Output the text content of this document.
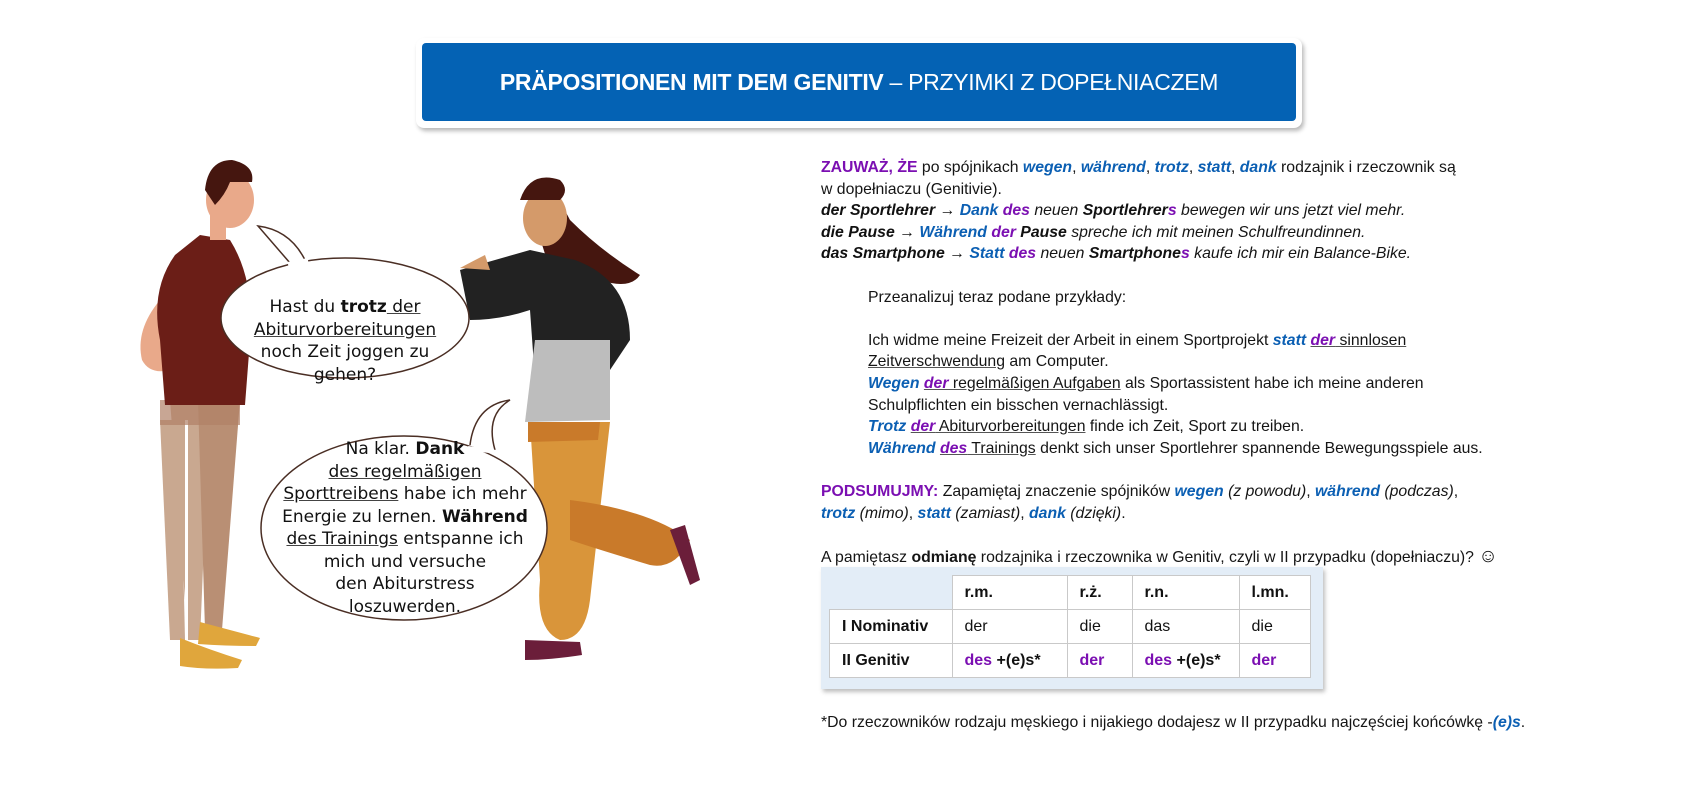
PRÄPOSITIONEN MIT DEM GENITIV – PRZYIMKI Z DOPEŁNIACZEM
Hast du trotz der
Abiturvorbereitungen
noch Zeit joggen zu
gehen?
Na klar. Dank
des regelmäßigen
Sporttreibens habe ich mehr
Energie zu lernen. Während
des Trainings entspanne ich
mich und versuche
den Abiturstress
loszuwerden.
ZAUWAŻ, ŻE po spójnikach wegen, während, trotz, statt, dank rodzajnik i rzeczownik są
w dopełniaczu (Genitivie).
der Sportlehrer → Dank des neuen Sportlehrers bewegen wir uns jetzt viel mehr.
die Pause → Während der Pause spreche ich mit meinen Schulfreundinnen.
das Smartphone → Statt des neuen Smartphones kaufe ich mir ein Balance-Bike.
Przeanalizuj teraz podane przykłady:
Ich widme meine Freizeit der Arbeit in einem Sportprojekt statt der sinnlosen
Zeitverschwendung am Computer.
Wegen der regelmäßigen Aufgaben als Sportassistent habe ich meine anderen
Schulpflichten ein bisschen vernachlässigt.
Trotz der Abiturvorbereitungen finde ich Zeit, Sport zu treiben.
Während des Trainings denkt sich unser Sportlehrer spannende Bewegungsspiele aus.
PODSUMUJMY: Zapamiętaj znaczenie spójników wegen (z powodu), während (podczas),
trotz (mimo), statt (zamiast), dank (dzięki).
A pamiętasz odmianę rodzajnika i rzeczownika w Genitiv, czyli w II przypadku (dopełniaczu)? ☺
	r.m.	r.ż.	r.n.	l.mn.
I Nominativ	der	die	das	die
II Genitiv	des +(e)s*	der	des +(e)s*	der
*Do rzeczowników rodzaju męskiego i nijakiego dodajesz w II przypadku najczęściej końcówkę -(e)s.
